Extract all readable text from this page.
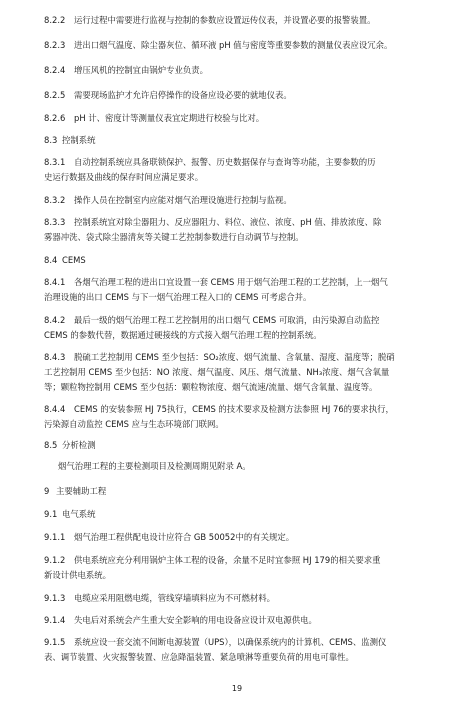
8.2.2 运行过程中需要进行监视与控制的参数应设置远传仪表，并设置必要的报警装置。
8.2.3 进出口烟气温度、除尘器灰位、循环液 pH 值与密度等重要参数的测量仪表应设冗余。
8.2.4 增压风机的控制宜由锅炉专业负责。
8.2.5 需要现场监护才允许启停操作的设备应设必要的就地仪表。
8.2.6 pH 计、密度计等测量仪表宜定期进行校验与比对。
8.3 控制系统
8.3.1 自动控制系统应具备联锁保护、报警、历史数据保存与查询等功能，主要参数的历
史运行数据及曲线的保存时间应满足要求。
8.3.2 操作人员在控制室内应能对烟气治理设施进行控制与监视。
8.3.3 控制系统宜对除尘器阻力、反应器阻力、料位、液位、浓度、pH 值、排放浓度、除
雾器冲洗、袋式除尘器清灰等关键工艺控制参数进行自动调节与控制。
8.4 CEMS
8.4.1 各烟气治理工程的进出口宜设置一套 CEMS 用于烟气治理工程的工艺控制，上一烟气
治理设施的出口 CEMS 与下一烟气治理工程入口的 CEMS 可考虑合并。
8.4.2 最后一级的烟气治理工程工艺控制用的出口烟气 CEMS 可取消，由污染源自动监控
CEMS 的参数代替，数据通过硬接线的方式接入烟气治理工程的控制系统。
8.4.3 脱硫工艺控制用 CEMS 至少包括：SO₂浓度、烟气流量、含氧量、湿度、温度等；脱硝
工艺控制用 CEMS 至少包括：NO 浓度、烟气温度、风压、烟气流量、NH₃浓度、烟气含氧量
等；颗粒物控制用 CEMS 至少包括：颗粒物浓度、烟气流速/流量、烟气含氧量、温度等。
8.4.4 CEMS 的安装参照 HJ 75执行，CEMS 的技术要求及检测方法参照 HJ 76的要求执行，
污染源自动监控 CEMS 应与生态环境部门联网。
8.5 分析检测
烟气治理工程的主要检测项目及检测周期见附录 A。
9 主要辅助工程
9.1 电气系统
9.1.1 烟气治理工程供配电设计应符合 GB 50052中的有关规定。
9.1.2 供电系统应充分利用锅炉主体工程的设备，余量不足时宜参照 HJ 179的相关要求重
新设计供电系统。
9.1.3 电缆应采用阻燃电缆，管线穿墙填料应为不可燃材料。
9.1.4 失电后对系统会产生重大安全影响的用电设备应设计双电源供电。
9.1.5 系统应设一套交流不间断电源装置（UPS），以确保系统内的计算机、CEMS、监测仪
表、调节装置、火灾报警装置、应急降温装置、紧急喷淋等重要负荷的用电可靠性。
19
